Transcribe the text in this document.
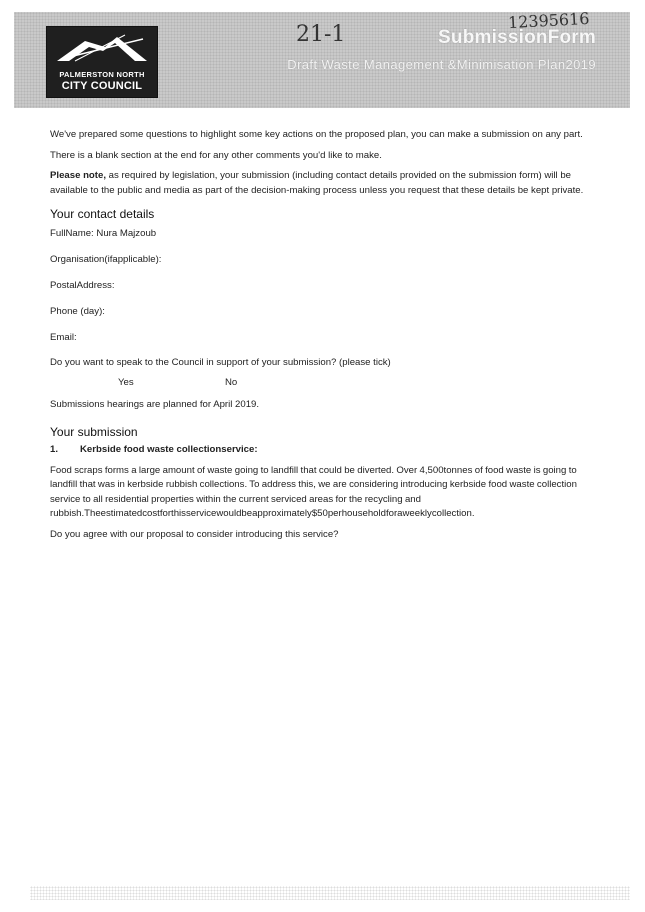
PALMERSTON NORTH
CITY COUNCIL
SubmissionForm
Draft Waste Management &Minimisation Plan2019
12395616
21-1

We've prepared some questions to highlight some key actions on the proposed plan, you can make a submission on any part.

There is a blank section at the end for any other comments you'd like to make.

Please note, as required by legislation, your submission (including contact details provided on the submission form) will be available to the public and media as part of the decision-making process unless you request that these details be kept private.

Your contact details

FullName: Nura Majzoub
Organisation(ifapplicable):
PostalAddress:
Phone (day):
Email:

Do you want to speak to the Council in support of your submission? (please tick)

Yes	No

Submissions hearings are planned for April 2019.

Your submission

1. Kerbside food waste collectionservice:

Food scraps forms a large amount of waste going to landfill that could be diverted. Over 4,500tonnes of food waste is going to landfill that was in kerbside rubbish collections. To address this, we are considering introducing kerbside food waste collection service to all residential properties within the current serviced areas for the recycling and rubbish.Theestimatedcostforthisservicewouldbeapproximately$50perhouseholdforaweeklycollection.

Do you agree with our proposal to consider introducing this service?
